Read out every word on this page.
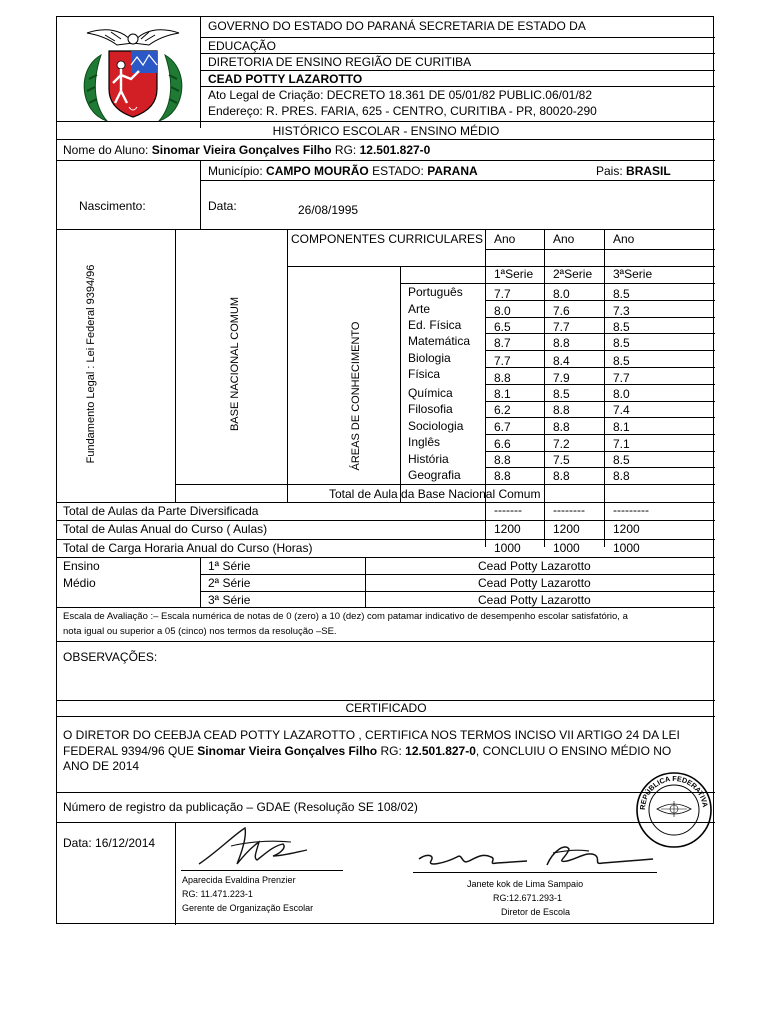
GOVERNO DO ESTADO DO PARANÁ SECRETARIA DE ESTADO DA
EDUCAÇÃO
DIRETORIA DE ENSINO REGIÃO DE CURITIBA
CEAD POTTY LAZAROTTO
Ato Legal de Criação: DECRETO 18.361 DE 05/01/82 PUBLIC.06/01/82
Endereço: R. PRES. FARIA, 625 - CENTRO, CURITIBA - PR, 80020-290
HISTÓRICO ESCOLAR - ENSINO MÉDIO
Nome do Aluno: Sinomar Vieira Gonçalves Filho RG: 12.501.827-0
Município: CAMPO MOURÃO ESTADO: PARANA	Pais: BRASIL
Nascimento:	Data:	26/08/1995
Fundamento Legal : Lei Federal 9394/96	BASE NACIONAL COMUM	ÁREAS DE CONHECIMENTO
COMPONENTES CURRICULARES Ano	Ano	Ano
1ªSerie 2ªSerie 3ªSerie
Português	7.7	8.0	8.5
Arte	8.0	7.6	7.3
Ed. Física	6.5	7.7	8.5
Matemática 8.7	8.8	8.5
Biologia	7.7	8.4	8.5
Física	8.8	7.9	7.7
Química	8.1	8.5	8.0
Filosofia	6.2	8.8	7.4
Sociologia	6.7	8.8	8.1
Inglês	6.6	7.2	7.1
História	8.8	7.5	8.5
Geografia	8.8	8.8	8.8
Total de Aula da Base Nacional Comum
Total de Aulas da Parte Diversificada	-------	-------- ---------
Total de Aulas Anual do Curso ( Aulas)	1200	1200	1200
Total de Carga Horaria Anual do Curso (Horas)	1000	1000	1000
Ensino
Médio
1ª Série	Cead Potty Lazarotto
2ª Série	Cead Potty Lazarotto
3ª Série	Cead Potty Lazarotto
Escala de Avaliação :– Escala numérica de notas de 0 (zero) a 10 (dez) com patamar indicativo de desempenho escolar satisfatório, a
nota igual ou superior a 05 (cinco) nos termos da resolução –SE.
OBSERVAÇÕES:
CERTIFICADO
O DIRETOR DO CEEBJA CEAD POTTY LAZAROTTO , CERTIFICA NOS TERMOS INCISO VII ARTIGO 24 DA LEI
FEDERAL 9394/96 QUE Sinomar Vieira Gonçalves Filho RG: 12.501.827-0, CONCLUIU O ENSINO MÉDIO NO
ANO DE 2014
Número de registro da publicação – GDAE (Resolução SE 108/02)	REPÚBLICA FEDERATIVA
Data: 16/12/2014
Aparecida Evaldina Prenzier
RG: 11.471.223-1
Gerente de Organização Escolar
Janete kok de Lima Sampaio
RG:12.671.293-1
Diretor de Escola
